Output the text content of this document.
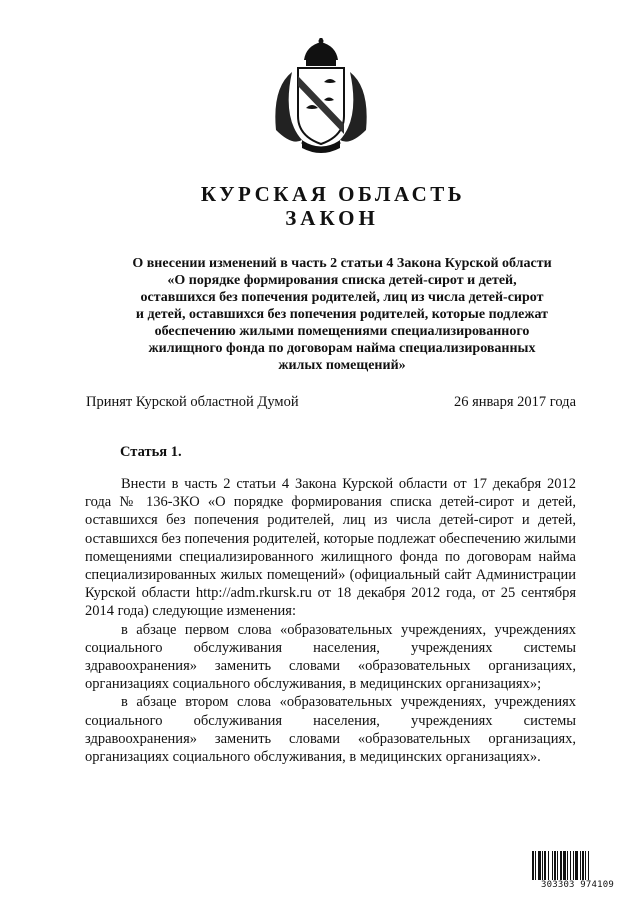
КУРСКАЯ ОБЛАСТЬ
ЗАКОН
О внесении изменений в часть 2 статьи 4 Закона Курской области
«О порядке формирования списка детей-сирот и детей,
оставшихся без попечения родителей, лиц из числа детей-сирот
и детей, оставшихся без попечения родителей, которые подлежат
обеспечению жилыми помещениями специализированного
жилищного фонда по договорам найма специализированных
жилых помещений»
Принят Курской областной Думой	26 января 2017 года
Статья 1.

Внести в часть 2 статьи 4 Закона Курской области от 17 декабря 2012 года № 136-ЗКО «О порядке формирования списка детей-сирот и детей, оставшихся без попечения родителей, лиц из числа детей-сирот и детей, оставшихся без попечения родителей, которые подлежат обеспечению жилыми помещениями специализированного жилищного фонда по договорам найма специализированных жилых помещений» (официальный сайт Администрации Курской области http://adm.rkursk.ru от 18 декабря 2012 года, от 25 сентября 2014 года) следующие изменения:

в абзаце первом слова «образовательных учреждениях, учреждениях социального обслуживания населения, учреждениях системы здравоохранения» заменить словами «образовательных организациях, организациях социального обслуживания, в медицинских организациях»;

в абзаце втором слова «образовательных учреждениях, учреждениях социального обслуживания населения, учреждениях системы здравоохранения» заменить словами «образовательных организациях, организациях социального обслуживания, в медицинских организациях».

303303 974109
